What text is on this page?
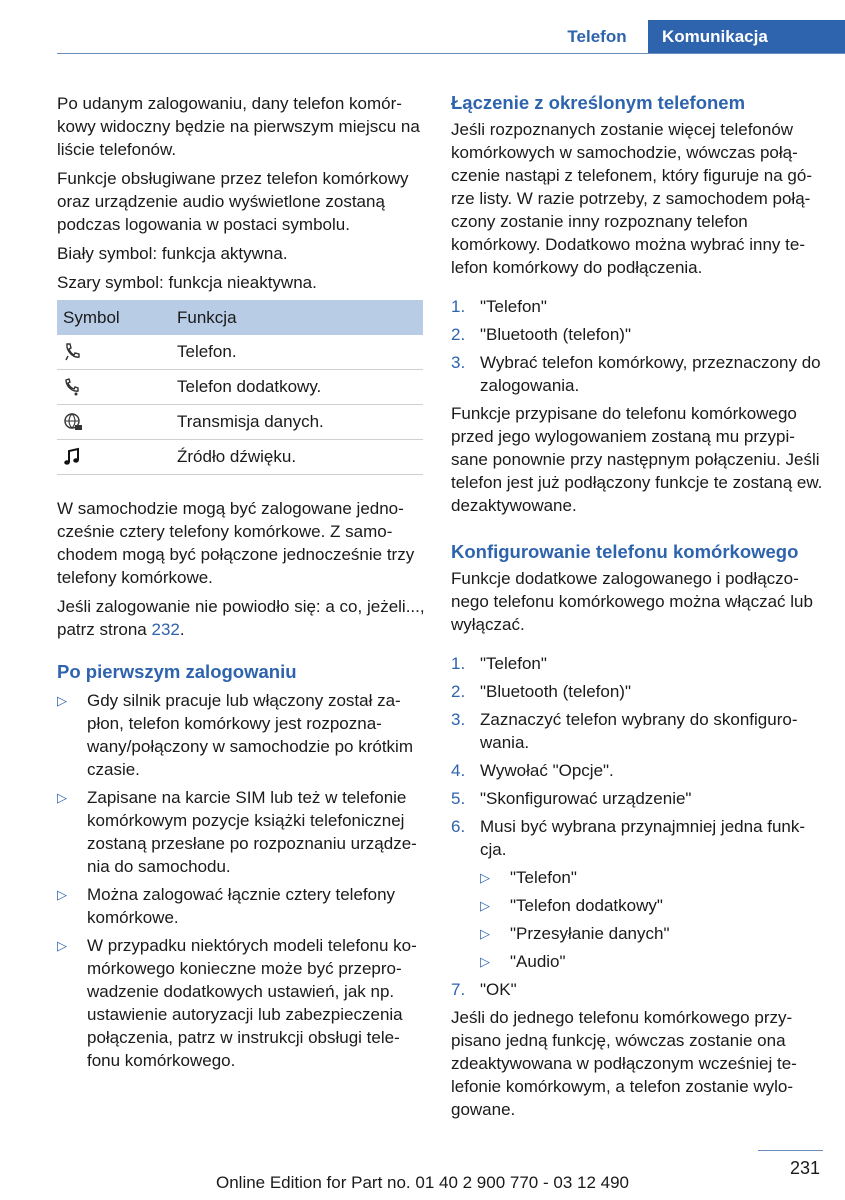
Telefon	Komunikacja

Po udanym zalogowaniu, dany telefon komórkowy widoczny będzie na pierwszym miejscu na liście telefonów.

Funkcje obsługiwane przez telefon komórkowy oraz urządzenie audio wyświetlone zostaną podczas logowania w postaci symbolu.

Biały symbol: funkcja aktywna.

Szary symbol: funkcja nieaktywna.

Symbol	Funkcja

	Telefon.

	Telefon dodatkowy.

	Transmisja danych.

	Źródło dźwięku.

W samochodzie mogą być zalogowane jednocześnie cztery telefony komórkowe. Z samochodem mogą być połączone jednocześnie trzy telefony komórkowe.

Jeśli zalogowanie nie powiodło się: a co, jeżeli..., patrz strona 232.

Po pierwszym zalogowaniu
▷	Gdy silnik pracuje lub włączony został zapłon, telefon komórkowy jest rozpoznawany/połączony w samochodzie po krótkim czasie.
▷	Zapisane na karcie SIM lub też w telefonie komórkowym pozycje książki telefonicznej zostaną przesłane po rozpoznaniu urządzenia do samochodu.
▷	Można zalogować łącznie cztery telefony komórkowe.
▷	W przypadku niektórych modeli telefonu komórkowego konieczne może być przeprowadzenie dodatkowych ustawień, jak np. ustawienie autoryzacji lub zabezpieczenia połączenia, patrz w instrukcji obsługi telefonu komórkowego.
Łączenie z określonym telefonem

Jeśli rozpoznanych zostanie więcej telefonów komórkowych w samochodzie, wówczas połączenie nastąpi z telefonem, który figuruje na górze listy. W razie potrzeby, z samochodem połączony zostanie inny rozpoznany telefon komórkowy. Dodatkowo można wybrać inny telefon komórkowy do podłączenia.

1. "Telefon"
2. "Bluetooth (telefon)"
3. Wybrać telefon komórkowy, przeznaczony do zalogowania.

Funkcje przypisane do telefonu komórkowego przed jego wylogowaniem zostaną mu przypisane ponownie przy następnym połączeniu. Jeśli telefon jest już podłączony funkcje te zostaną ew. dezaktywowane.

Konfigurowanie telefonu komórkowego

Funkcje dodatkowe zalogowanego i podłączonego telefonu komórkowego można włączać lub wyłączać.

1. "Telefon"
2. "Bluetooth (telefon)"
3. Zaznaczyć telefon wybrany do skonfigurowania.
4. Wywołać "Opcje".
5. "Skonfigurować urządzenie"
6. Musi być wybrana przynajmniej jedna funkcja.
▷	"Telefon"
▷	"Telefon dodatkowy"
▷	"Przesyłanie danych"
▷	"Audio"
7. "OK"

Jeśli do jednego telefonu komórkowego przypisano jedną funkcję, wówczas zostanie ona zdeaktywowana w podłączonym wcześniej telefonie komórkowym, a telefon zostanie wylogowane.

231
Online Edition for Part no. 01 40 2 900 770 - 03 12 490
